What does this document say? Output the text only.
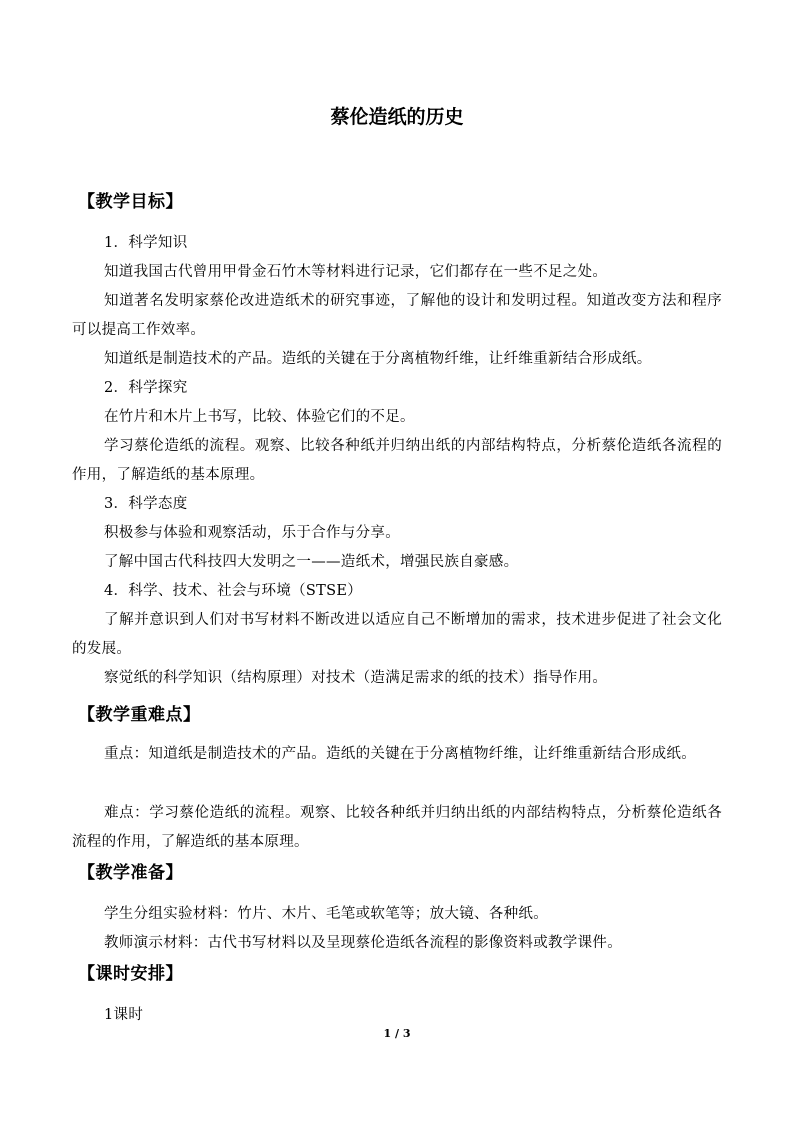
蔡伦造纸的历史
【教学目标】
1．科学知识
知道我国古代曾用甲骨金石竹木等材料进行记录，它们都存在一些不足之处。
知道著名发明家蔡伦改进造纸术的研究事迹，了解他的设计和发明过程。知道改变方法和程序可以提高工作效率。
知道纸是制造技术的产品。造纸的关键在于分离植物纤维，让纤维重新结合形成纸。
2．科学探究
在竹片和木片上书写，比较、体验它们的不足。
学习蔡伦造纸的流程。观察、比较各种纸并归纳出纸的内部结构特点，分析蔡伦造纸各流程的作用，了解造纸的基本原理。
3．科学态度
积极参与体验和观察活动，乐于合作与分享。
了解中国古代科技四大发明之一——造纸术，增强民族自豪感。
4．科学、技术、社会与环境（STSE）
了解并意识到人们对书写材料不断改进以适应自己不断增加的需求，技术进步促进了社会文化的发展。
察觉纸的科学知识（结构原理）对技术（造满足需求的纸的技术）指导作用。
【教学重难点】
重点：知道纸是制造技术的产品。造纸的关键在于分离植物纤维，让纤维重新结合形成纸。
难点：学习蔡伦造纸的流程。观察、比较各种纸并归纳出纸的内部结构特点，分析蔡伦造纸各流程的作用，了解造纸的基本原理。
【教学准备】
学生分组实验材料：竹片、木片、毛笔或软笔等；放大镜、各种纸。
教师演示材料：古代书写材料以及呈现蔡伦造纸各流程的影像资料或教学课件。
【课时安排】
1课时
1 / 3
